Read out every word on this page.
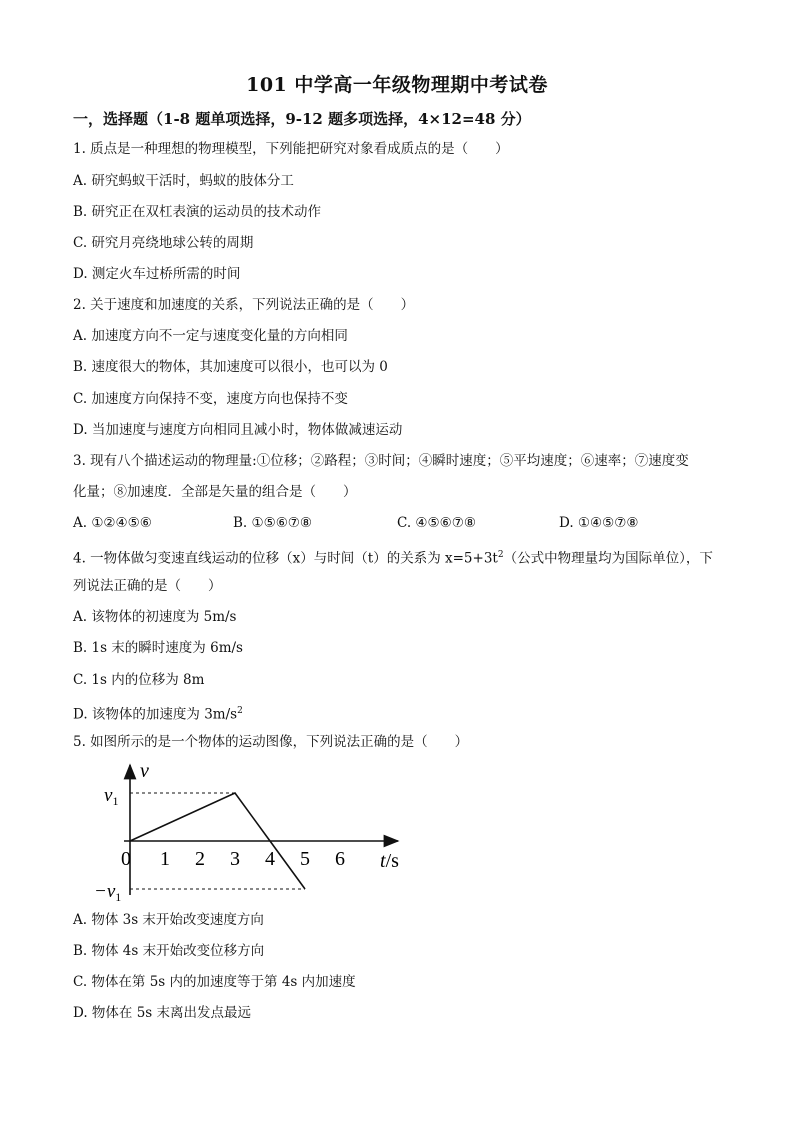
101 中学高一年级物理期中考试卷
一，选择题（1-8 题单项选择，9-12 题多项选择，4×12=48 分）
1. 质点是一种理想的物理模型，下列能把研究对象看成质点的是（　　）
A. 研究蚂蚁干活时，蚂蚁的肢体分工
B. 研究正在双杠表演的运动员的技术动作
C. 研究月亮绕地球公转的周期
D. 测定火车过桥所需的时间
2. 关于速度和加速度的关系，下列说法正确的是（　　）
A. 加速度方向不一定与速度变化量的方向相同
B. 速度很大的物体，其加速度可以很小，也可以为 0
C. 加速度方向保持不变，速度方向也保持不变
D. 当加速度与速度方向相同且减小时，物体做减速运动
3. 现有八个描述运动的物理量:①位移；②路程；③时间；④瞬时速度；⑤平均速度；⑥速率；⑦速度变
化量；⑧加速度．全部是矢量的组合是（　　）
A. ①②④⑤⑥	B. ①⑤⑥⑦⑧	C. ④⑤⑥⑦⑧	D. ①④⑤⑦⑧
4. 一物体做匀变速直线运动的位移（x）与时间（t）的关系为 $x=5+3t^2$（公式中物理量均为国际单位），下
列说法正确的是（　　）
A. 该物体的初速度为 5m/s
B. 1s 末的瞬时速度为 6m/s
C. 1s 内的位移为 8m
D. 该物体的加速度为 $3m/s^2$
5. 如图所示的是一个物体的运动图像，下列说法正确的是（　　）
0 1 2 3 4 5 6
v
t/s
$v_1$
$-v_1$
A. 物体 3s 末开始改变速度方向
B. 物体 4s 末开始改变位移方向
C. 物体在第 5s 内的加速度等于第 4s 内加速度
D. 物体在 5s 末离出发点最远
